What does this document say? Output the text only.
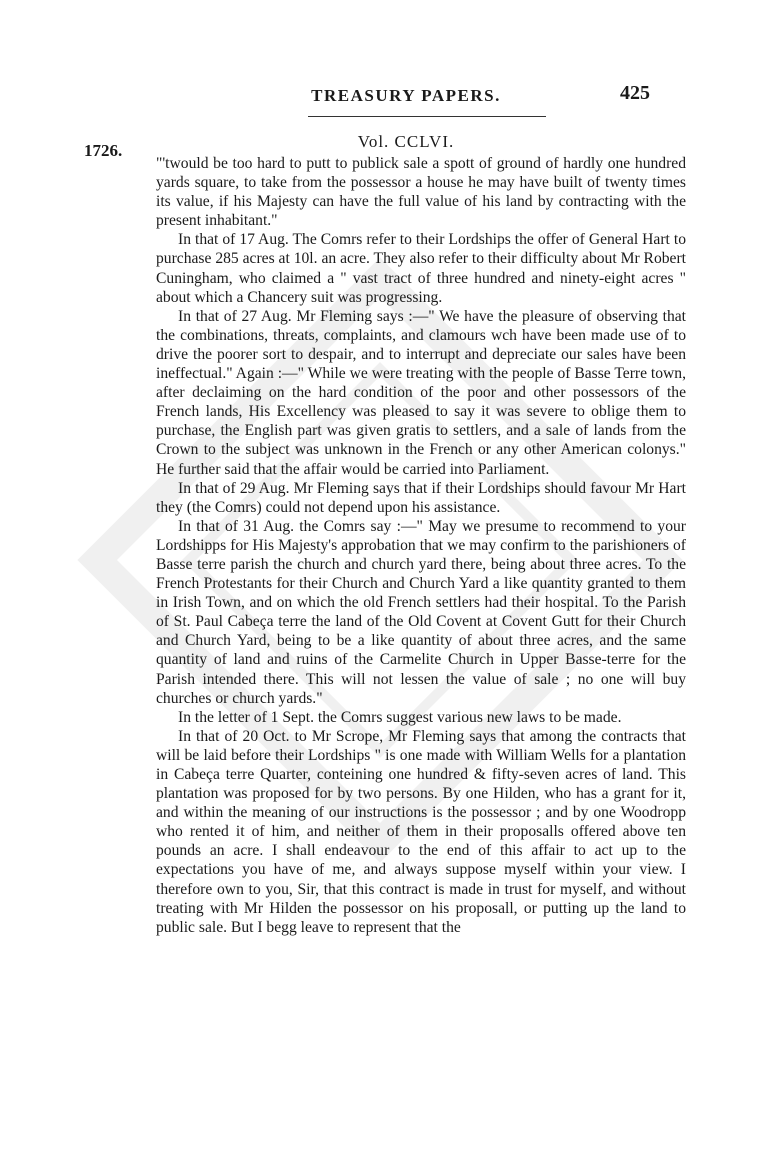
TREASURY PAPERS.	425
1726.	Vol. CCLVI.

"'twould be too hard to putt to publick sale a spott of ground of hardly one hundred yards square, to take from the possessor a house he may have built of twenty times its value, if his Majesty can have the full value of his land by contracting with the present inhabitant."

In that of 17 Aug. The Comrs refer to their Lordships the offer of General Hart to purchase 285 acres at 10l. an acre. They also refer to their difficulty about Mr Robert Cuningham, who claimed a " vast tract of three hundred and ninety-eight acres " about which a Chancery suit was progressing.

In that of 27 Aug. Mr Fleming says :—" We have the pleasure of observing that the combinations, threats, complaints, and clamours wch have been made use of to drive the poorer sort to despair, and to interrupt and depreciate our sales have been ineffectual." Again :—" While we were treating with the people of Basse Terre town, after declaiming on the hard condition of the poor and other possessors of the French lands, His Excellency was pleased to say it was severe to oblige them to purchase, the English part was given gratis to settlers, and a sale of lands from the Crown to the subject was unknown in the French or any other American colonys." He further said that the affair would be carried into Parliament.

In that of 29 Aug. Mr Fleming says that if their Lordships should favour Mr Hart they (the Comrs) could not depend upon his assistance.

In that of 31 Aug. the Comrs say :—" May we presume to recommend to your Lordshipps for His Majesty's approbation that we may confirm to the parishioners of Basse terre parish the church and church yard there, being about three acres. To the French Protestants for their Church and Church Yard a like quantity granted to them in Irish Town, and on which the old French settlers had their hospital. To the Parish of St. Paul Cabeça terre the land of the Old Covent at Covent Gutt for their Church and Church Yard, being to be a like quantity of about three acres, and the same quantity of land and ruins of the Carmelite Church in Upper Basse-terre for the Parish intended there. This will not lessen the value of sale ; no one will buy churches or church yards."

In the letter of 1 Sept. the Comrs suggest various new laws to be made.

In that of 20 Oct. to Mr Scrope, Mr Fleming says that among the contracts that will be laid before their Lordships " is one made with William Wells for a plantation in Cabeça terre Quarter, conteining one hundred & fifty-seven acres of land. This plantation was proposed for by two persons. By one Hilden, who has a grant for it, and within the meaning of our instructions is the possessor ; and by one Woodropp who rented it of him, and neither of them in their proposalls offered above ten pounds an acre. I shall endeavour to the end of this affair to act up to the expectations you have of me, and always suppose myself within your view. I therefore own to you, Sir, that this contract is made in trust for myself, and without treating with Mr Hilden the possessor on his proposall, or putting up the land to public sale. But I begg leave to represent that the
